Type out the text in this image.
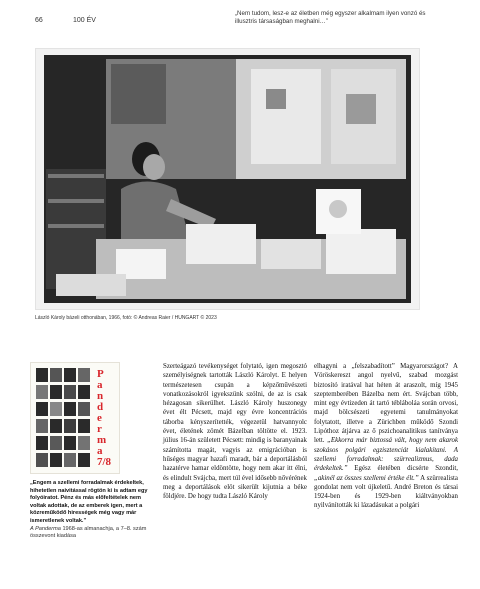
66	100 ÉV
„Nem tudom, lesz-e az életben még egyszer alkalmam ilyen vonzó és illusztris társaságban meghalni…”
László Károly bázeli otthonában, 1966, fotó: © Andreas Raier / HUNGART © 2023
P
a
n
d
e
r
m
a
7/8
„Engem a szellemi forradalmak érdekeltek, hihetetlen naivitással rögtön ki is adtam egy folyóiratot. Pénz és más előfeltételek nem voltak adottak, de az emberek igen, mert a közreműködő hirességek még vagy már ismeretlenek voltak.”
A Panderma 1968-as almanachja, a 7–8. szám összevont kiadása

Szerteágazó tevékenységet folytató, igen megosztó személyiségnek tartották László Károlyt. E helyen természetesen csupán a képzőművészeti vonatkozásokról igyekszünk szólni, de az is csak hézagosan sikerülhet. László Károly huszonegy évet élt Pécsett, majd egy évre koncentrációs táborba kényszerítették, végezetül hatvannyolc évet, életének zömét Bázelban töltötte el. 1923. július 16-án született Pécsett: mindig is baranyainak számította magát, vagyis az emigrációban is hűséges magyar hazafi maradt, bár a deportálásból hazatérve hamar eldöntötte, hogy nem akar itt élni, és elindult Svájcba, mert túl ével idősebb nővérének meg a deportálások elöt sikerült kijutnia a béke földjére. De hogy tudta László Károly

elhagyni a „felszabadított” Magyarországot? A Vöröskereszt angol nyelvű, szabad mozgást biztosító iratával hat héten át araszolt, míg 1945 szeptemberében Bázelba nem ért. Svájcban több, mint egy évtizeden át tartó tébláboláa során orvosi, majd bölcsészeti egyetemi tanulmányokat folytatott, illetve a Zürichben működő Szondi Lipóthoz átjárva az ő pszichoanalitikus tanítványa lett. „Ekkorra már biztossá vált, hogy nem akarok szokásos polgári egzisztenciát kialakítani. A szellemi forradalmak: szürrealizmus, dada érdekeltek.” Egész életében dicsérte Szondit, „akinél az összes szellemi értéke élt.” A szürrealista gondolat nem volt újkeletű. André Breton és társai 1924-ben és 1929-ben kiáltványokban nyilvánították ki lázadásukat a polgári
